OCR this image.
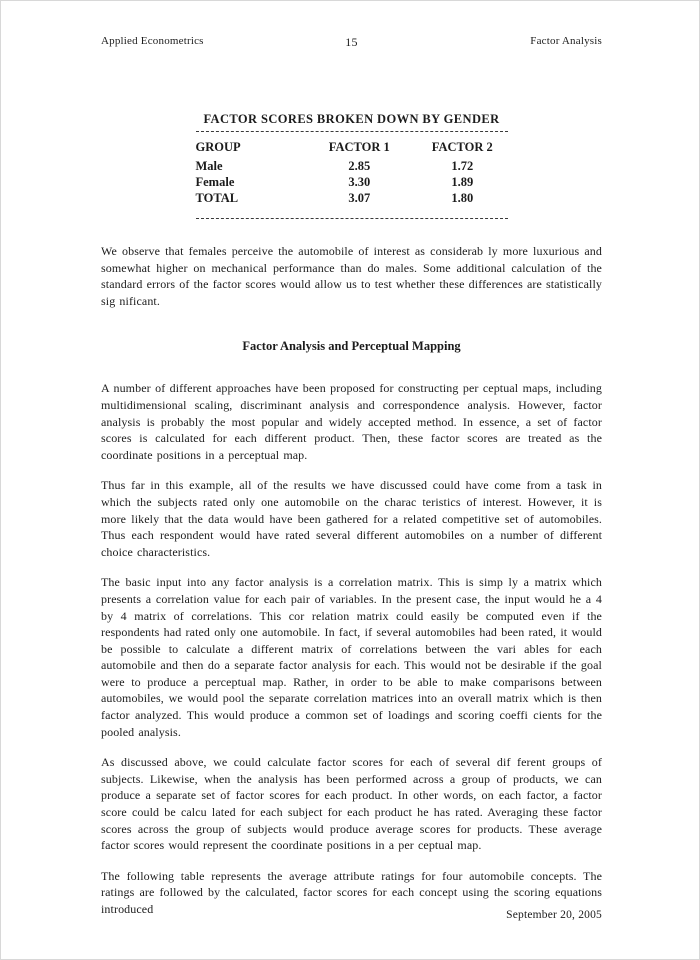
Applied Econometrics	15	Factor Analysis
FACTOR SCORES BROKEN DOWN BY GENDER
GROUP	FACTOR 1	FACTOR 2
Male	2.85	1.72
Female	3.30	1.89
TOTAL	3.07	1.80

We observe that females perceive the automobile of interest as considerab ly more luxurious and somewhat higher on mechanical performance than do males. Some additional calculation of the standard errors of the factor scores would allow us to test whether these differences are statistically sig nificant.

Factor Analysis and Perceptual Mapping

A number of different approaches have been proposed for constructing per ceptual maps, including multidimensional scaling, discriminant analysis and correspondence analysis. However, factor analysis is probably the most popular and widely accepted method. In essence, a set of factor scores is calculated for each different product. Then, these factor scores are treated as the coordinate positions in a perceptual map.

Thus far in this example, all of the results we have discussed could have come from a task in which the subjects rated only one automobile on the charac teristics of interest. However, it is more likely that the data would have been gathered for a related competitive set of automobiles. Thus each respondent would have rated several different automobiles on a number of different choice characteristics.

The basic input into any factor analysis is a correlation matrix. This is simp ly a matrix which presents a correlation value for each pair of variables. In the present case, the input would he a 4 by 4 matrix of correlations. This cor relation matrix could easily be computed even if the respondents had rated only one automobile. In fact, if several automobiles had been rated, it would be possible to calculate a different matrix of correlations between the vari ables for each automobile and then do a separate factor analysis for each. This would not be desirable if the goal were to produce a perceptual map. Rather, in order to be able to make comparisons between automobiles, we would pool the separate correlation matrices into an overall matrix which is then factor analyzed. This would produce a common set of loadings and scoring coeffi cients for the pooled analysis.

As discussed above, we could calculate factor scores for each of several dif ferent groups of subjects. Likewise, when the analysis has been performed across a group of products, we can produce a separate set of factor scores for each product. In other words, on each factor, a factor score could be calcu lated for each subject for each product he has rated. Averaging these factor scores across the group of subjects would produce average scores for products. These average factor scores would represent the coordinate positions in a per ceptual map.

The following table represents the average attribute ratings for four automobile concepts. The ratings are followed by the calculated, factor scores for each concept using the scoring equations introduced	September 20, 2005
